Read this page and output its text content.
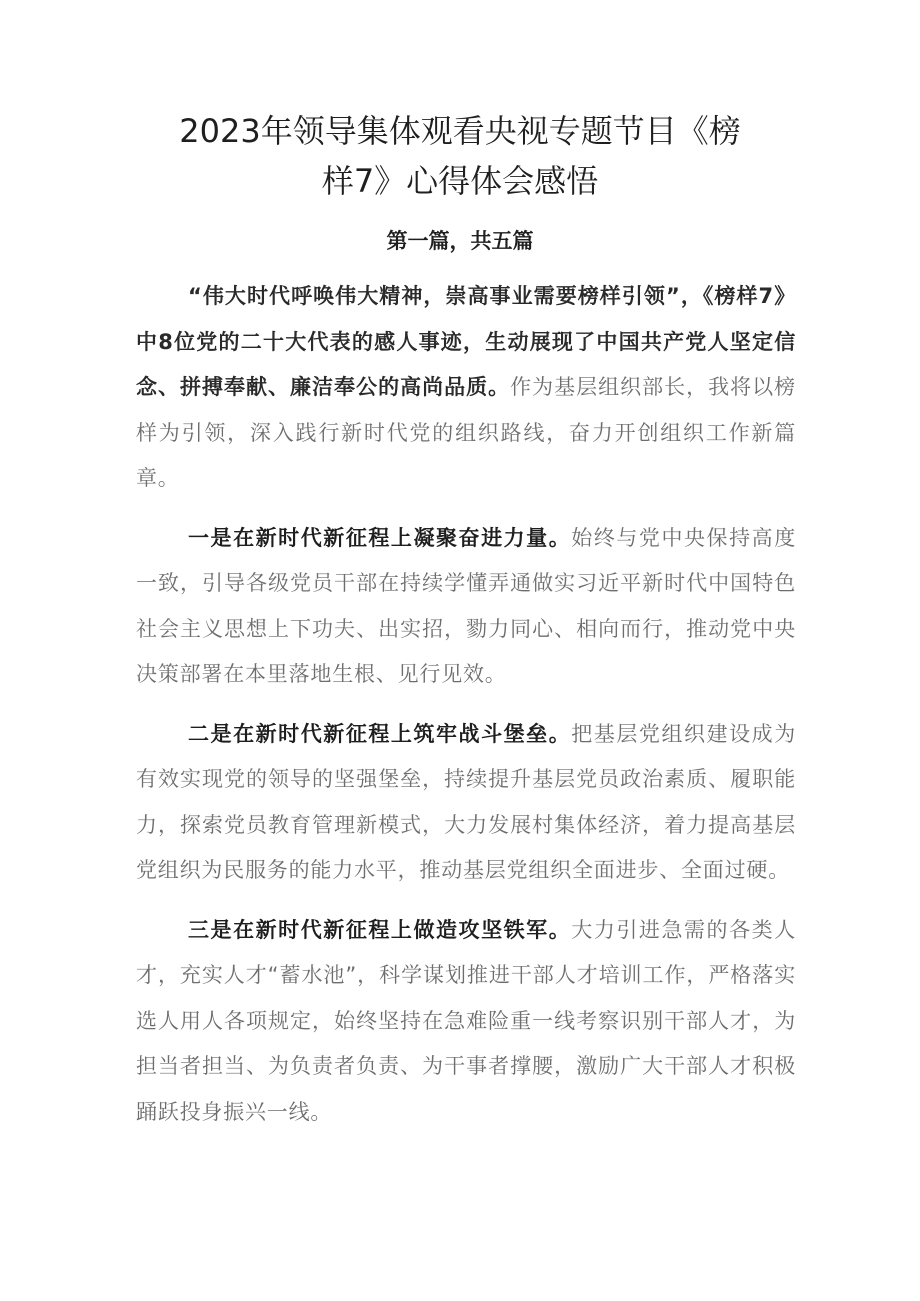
2023年领导集体观看央视专题节目《榜
样7》心得体会感悟
第一篇，共五篇

“伟大时代呼唤伟大精神，崇高事业需要榜样引领”，《榜样7》中8位党的二十大代表的感人事迹，生动展现了中国共产党人坚定信念、拼搏奉献、廉洁奉公的高尚品质。作为基层组织部长，我将以榜样为引领，深入践行新时代党的组织路线，奋力开创组织工作新篇章。

一是在新时代新征程上凝聚奋进力量。始终与党中央保持高度一致，引导各级党员干部在持续学懂弄通做实习近平新时代中国特色社会主义思想上下功夫、出实招，勠力同心、相向而行，推动党中央决策部署在本里落地生根、见行见效。

二是在新时代新征程上筑牢战斗堡垒。把基层党组织建设成为有效实现党的领导的坚强堡垒，持续提升基层党员政治素质、履职能力，探索党员教育管理新模式，大力发展村集体经济，着力提高基层党组织为民服务的能力水平，推动基层党组织全面进步、全面过硬。

三是在新时代新征程上做造攻坚铁军。大力引进急需的各类人才，充实人才“蓄水池”，科学谋划推进干部人才培训工作，严格落实选人用人各项规定，始终坚持在急难险重一线考察识别干部人才，为担当者担当、为负责者负责、为干事者撑腰，激励广大干部人才积极踊跃投身振兴一线。
